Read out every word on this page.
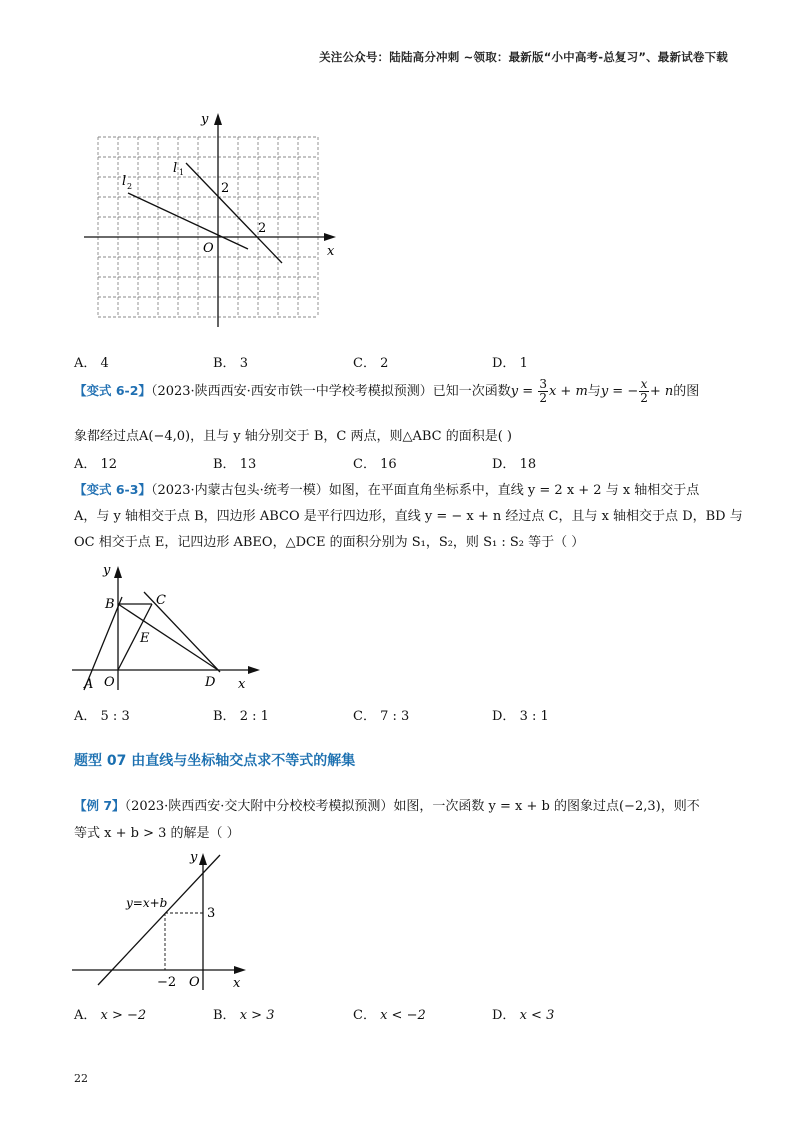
关注公众号：陆陆高分冲刺 ~领取：最新版“小中高考-总复习”、最新试卷下载
y
x
O
l 1
l 2	2
2
A． 4	B． 3	C． 2	D． 1
【变式 6-2】（2023·陕西西安·西安市铁一中学校考模拟预测）已知一次函数$y = \frac{3}{2}$ x + m与y = − $\frac{x}{2} + n$的图
象都经过点A(−4,0)，且与 y 轴分别交于 B，C 两点，则△ABC 的面积是( )
A． 12	B． 13	C． 16	D． 18
【变式 6-3】（2023·内蒙古包头·统考一模）如图，在平面直角坐标系中，直线 y = 2 x + 2 与 x 轴相交于点
A，与 y 轴相交于点 B，四边形 ABCO 是平行四边形，直线 y = − x + n 经过点 C，且与 x 轴相交于点 D，BD 与
OC 相交于点 E，记四边形 ABEO，△DCE 的面积分别为 S₁，S₂，则 S₁ : S₂ 等于（ ）
y
x
A
B	C
D
E
O
A． 5 : 3	B． 2 : 1	C． 7 : 3	D． 3 : 1
题型 07 由直线与坐标轴交点求不等式的解集
【例 7】（2023·陕西西安·交大附中分校校考模拟预测）如图，一次函数 y = x + b 的图象过点(−2,3)，则不
等式 x + b > 3 的解是（ ）
y
x
O
y=x+b
3
−2
A． x > −2	B． x > 3	C． x < −2	D． x < 3
22
